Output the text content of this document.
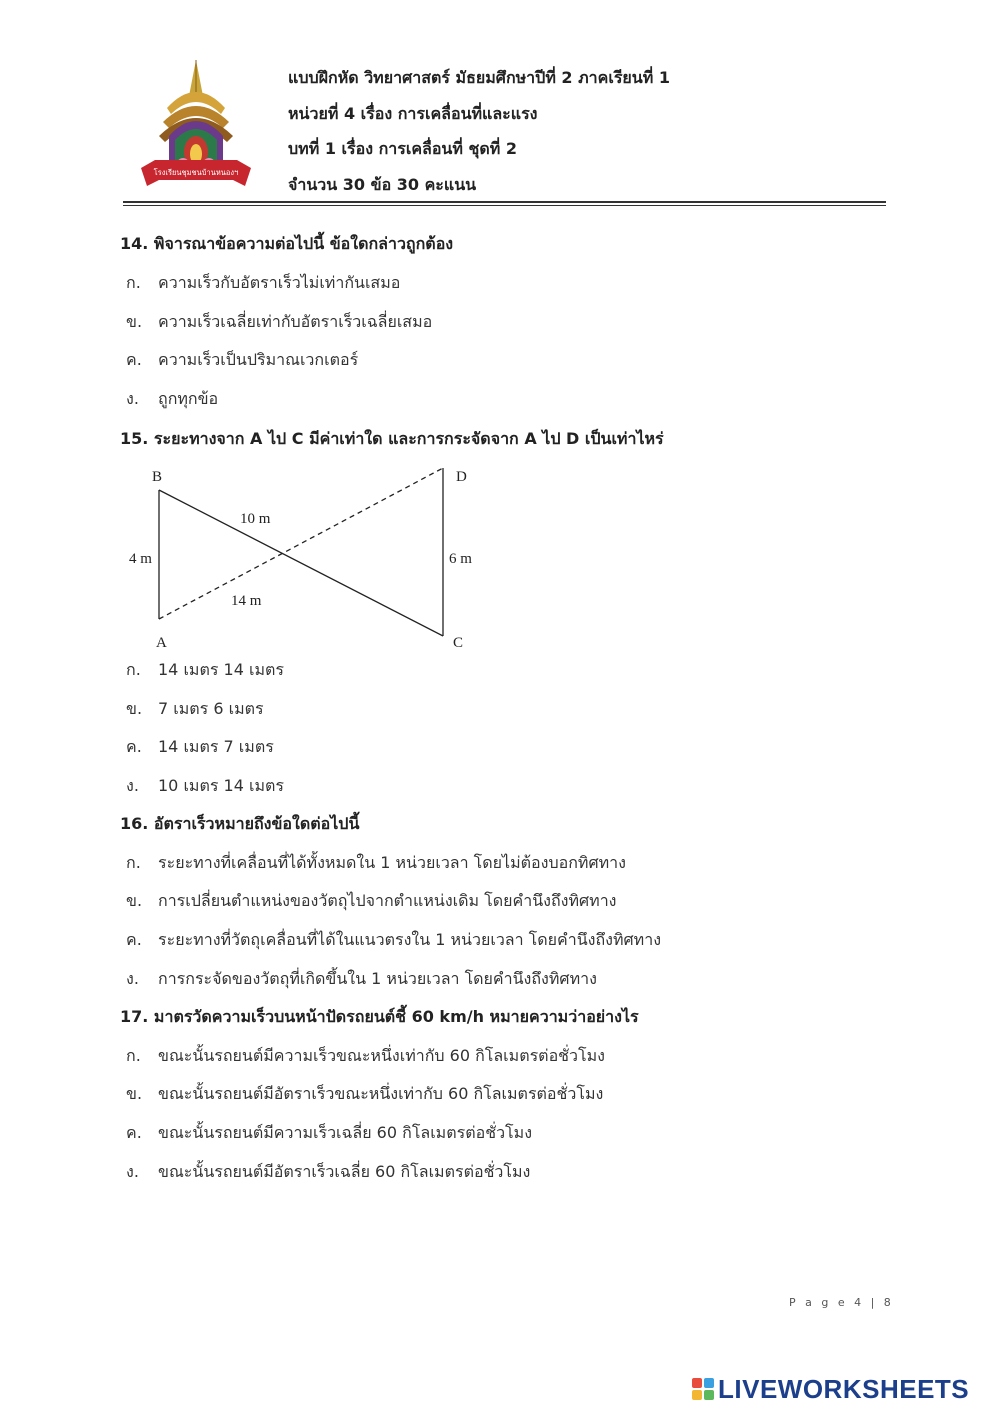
โรงเรียนชุมชนบ้านหนองฯ
แบบฝึกหัด วิทยาศาสตร์ มัธยมศึกษาปีที่ 2 ภาคเรียนที่ 1
หน่วยที่ 4 เรื่อง การเคลื่อนที่และแรง
บทที่ 1 เรื่อง การเคลื่อนที่ ชุดที่ 2
จำนวน 30 ข้อ 30 คะแนน
14. พิจารณาข้อความต่อไปนี้ ข้อใดกล่าวถูกต้อง
ก. ความเร็วกับอัตราเร็วไม่เท่ากันเสมอ
ข. ความเร็วเฉลี่ยเท่ากับอัตราเร็วเฉลี่ยเสมอ
ค. ความเร็วเป็นปริมาณเวกเตอร์
ง. ถูกทุกข้อ
15. ระยะทางจาก A ไป C มีค่าเท่าใด และการกระจัดจาก A ไป D เป็นเท่าไหร่
B	D
A	C
4 m
10 m
14 m
6 m
ก. 14 เมตร 14 เมตร
ข. 7 เมตร 6 เมตร
ค. 14 เมตร 7 เมตร
ง. 10 เมตร 14 เมตร
16. อัตราเร็วหมายถึงข้อใดต่อไปนี้
ก. ระยะทางที่เคลื่อนที่ได้ทั้งหมดใน 1 หน่วยเวลา โดยไม่ต้องบอกทิศทาง
ข. การเปลี่ยนตำแหน่งของวัตถุไปจากตำแหน่งเดิม โดยคำนึงถึงทิศทาง
ค. ระยะทางที่วัตถุเคลื่อนที่ได้ในแนวตรงใน 1 หน่วยเวลา โดยคำนึงถึงทิศทาง
ง. การกระจัดของวัตถุที่เกิดขึ้นใน 1 หน่วยเวลา โดยคำนึงถึงทิศทาง
17. มาตรวัดความเร็วบนหน้าปัดรถยนต์ชี้ 60 km/h หมายความว่าอย่างไร
ก. ขณะนั้นรถยนต์มีความเร็วขณะหนึ่งเท่ากับ 60 กิโลเมตรต่อชั่วโมง
ข. ขณะนั้นรถยนต์มีอัตราเร็วขณะหนึ่งเท่ากับ 60 กิโลเมตรต่อชั่วโมง
ค. ขณะนั้นรถยนต์มีความเร็วเฉลี่ย 60 กิโลเมตรต่อชั่วโมง
ง. ขณะนั้นรถยนต์มีอัตราเร็วเฉลี่ย 60 กิโลเมตรต่อชั่วโมง
P a g e 4 | 8
LIVEWORKSHEETS
